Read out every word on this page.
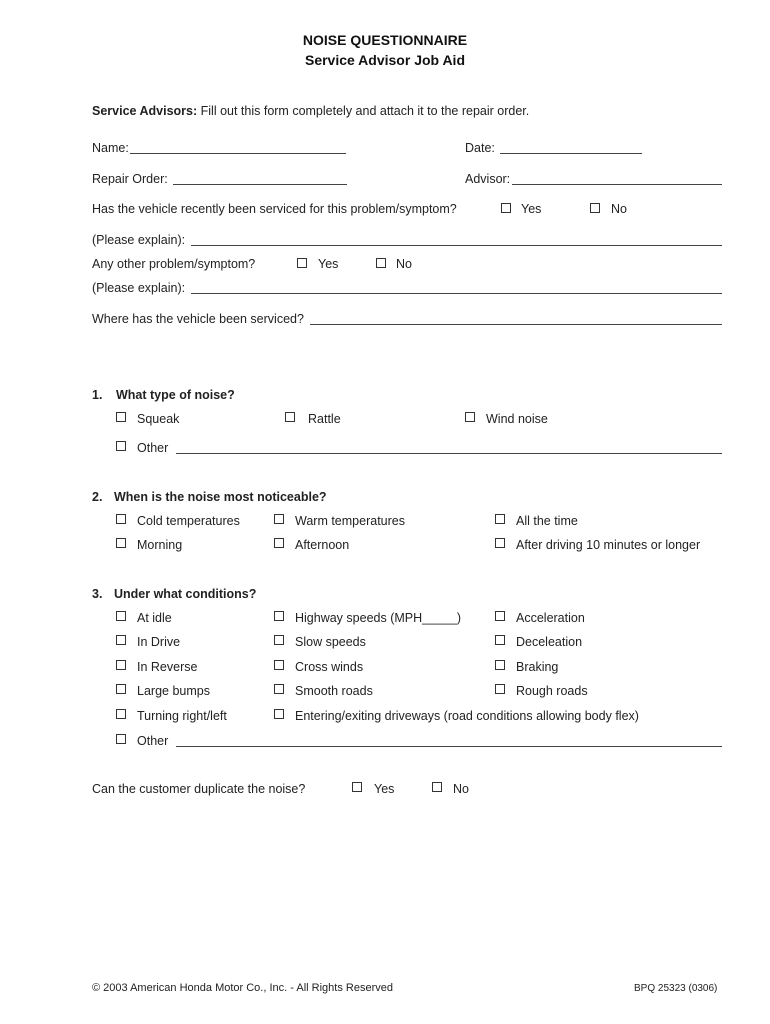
NOISE QUESTIONNAIRE
Service Advisor Job Aid
Service Advisors: Fill out this form completely and attach it to the repair order.
Name:	Date:
Repair Order:	Advisor:
Has the vehicle recently been serviced for this problem/symptom?	Yes	No
(Please explain):
Any other problem/symptom?	Yes	No
(Please explain):
Where has the vehicle been serviced?
1. What type of noise?
Squeak	Rattle	Wind noise
Other
2. When is the noise most noticeable?
Cold temperatures	Warm temperatures	All the time
Morning	Afternoon	After driving 10 minutes or longer
3. Under what conditions?
At idle	Highway speeds (MPH_____)	Acceleration
In Drive	Slow speeds	Deceleation
In Reverse	Cross winds	Braking
Large bumps	Smooth roads	Rough roads
Turning right/left	Entering/exiting driveways (road conditions allowing body flex)
Other
Can the customer duplicate the noise?	Yes	No
© 2003 American Honda Motor Co., Inc. - All Rights Reserved	BPQ 25323 (0306)
